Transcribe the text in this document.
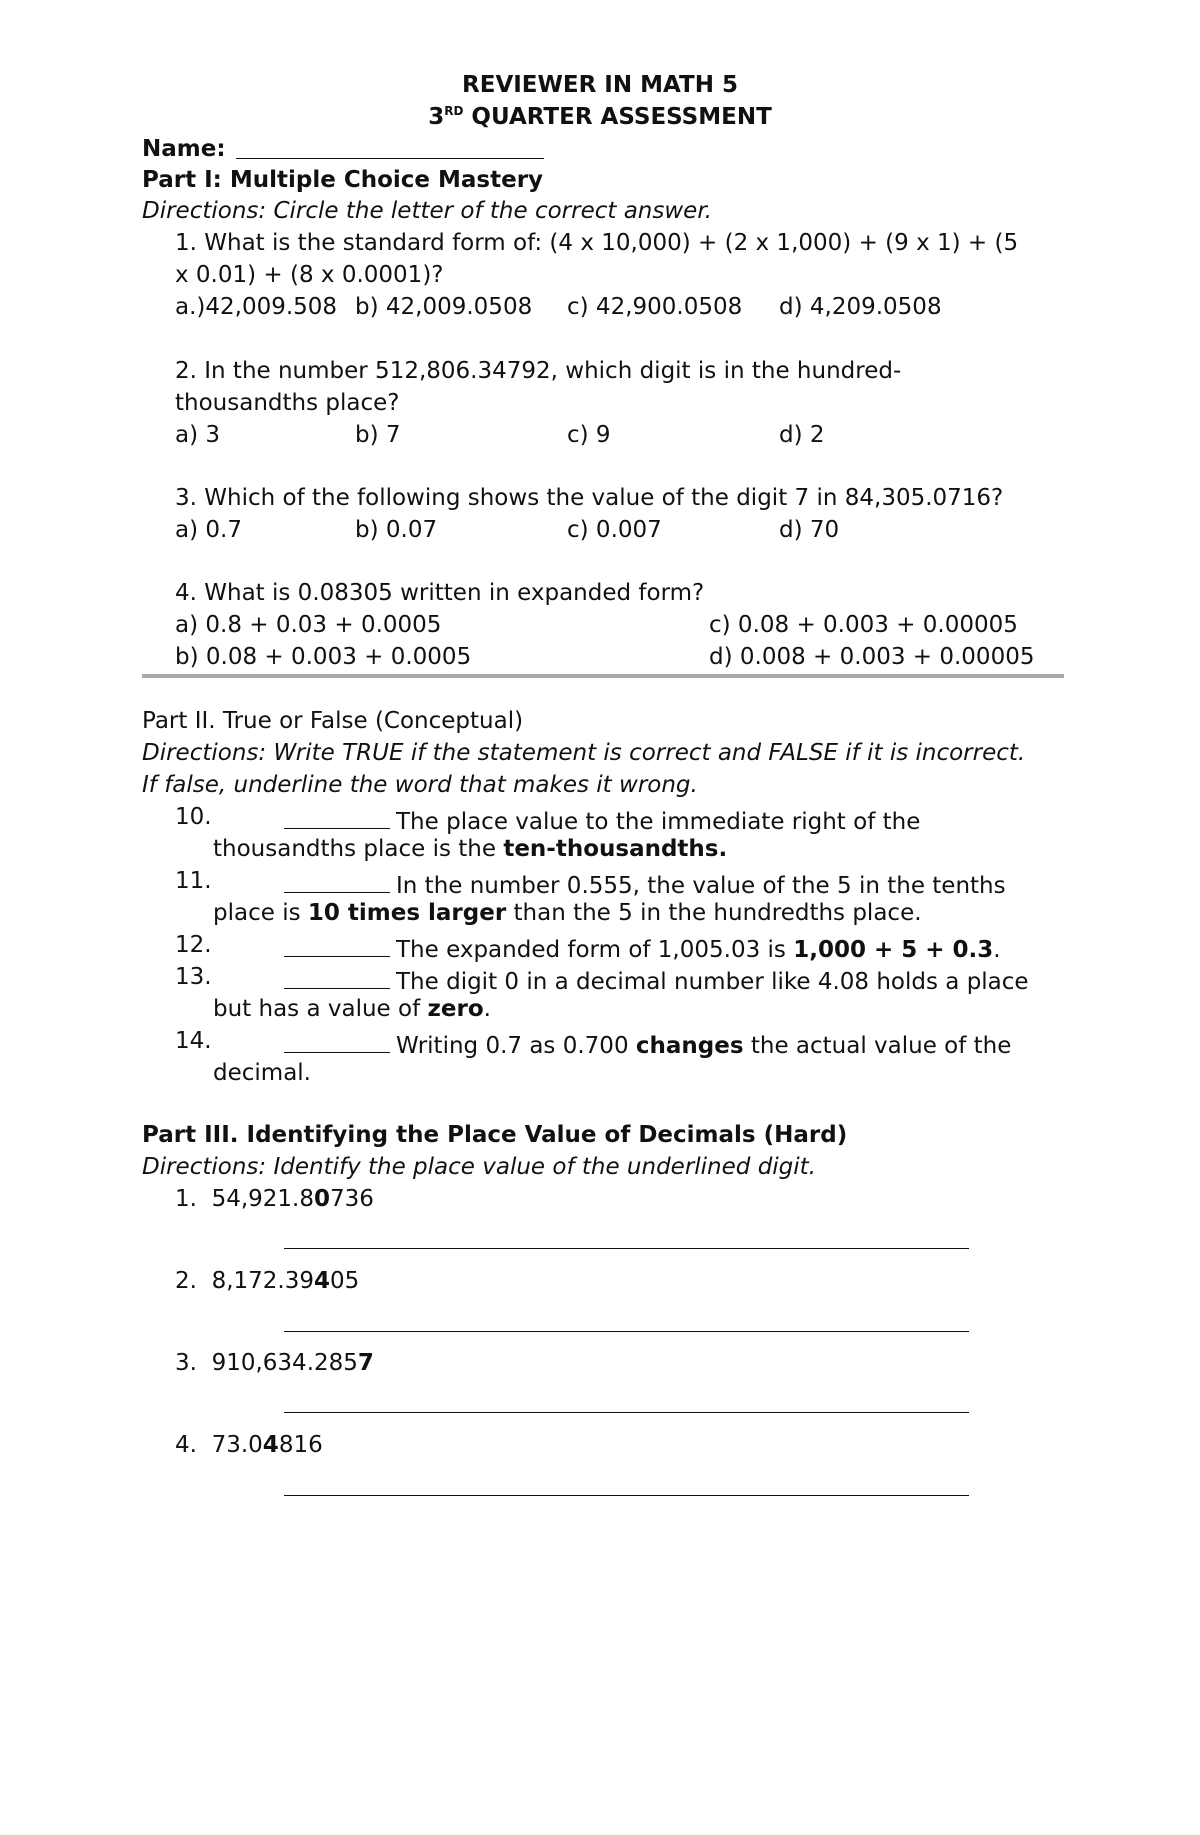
REVIEWER IN MATH 5
3RD QUARTER ASSESSMENT
Name:
Part I: Multiple Choice Mastery
Directions: Circle the letter of the correct answer.
1. What is the standard form of: (4 x 10,000) + (2 x 1,000) + (9 x 1) + (5
x 0.01) + (8 x 0.0001)?
a.)42,009.508 b) 42,009.0508 c) 42,900.0508 d) 4,209.0508
2. In the number 512,806.34792, which digit is in the hundred-
thousandths place?
a) 3	b) 7	c) 9	d) 2
3. Which of the following shows the value of the digit 7 in 84,305.0716?
a) 0.7	b) 0.07	c) 0.007	d) 70
4. What is 0.08305 written in expanded form?
a) 0.8 + 0.03 + 0.0005	c) 0.08 + 0.003 + 0.00005
b) 0.08 + 0.003 + 0.0005	d) 0.008 + 0.003 + 0.00005
Part II. True or False (Conceptual)
Directions: Write TRUE if the statement is correct and FALSE if it is incorrect.
If false, underline the word that makes it wrong.
10.	The place value to the immediate right of the
thousandths place is the ten-thousandths.
11.	In the number 0.555, the value of the 5 in the tenths
place is 10 times larger than the 5 in the hundredths place.
12.	The expanded form of 1,005.03 is 1,000 + 5 + 0.3.
13.	The digit 0 in a decimal number like 4.08 holds a place
but has a value of zero.
14.	Writing 0.7 as 0.700 changes the actual value of the
decimal.
Part III. Identifying the Place Value of Decimals (Hard)
Directions: Identify the place value of the underlined digit.
1. 54,921.80736
2. 8,172.39405
3. 910,634.2857
4. 73.04816
